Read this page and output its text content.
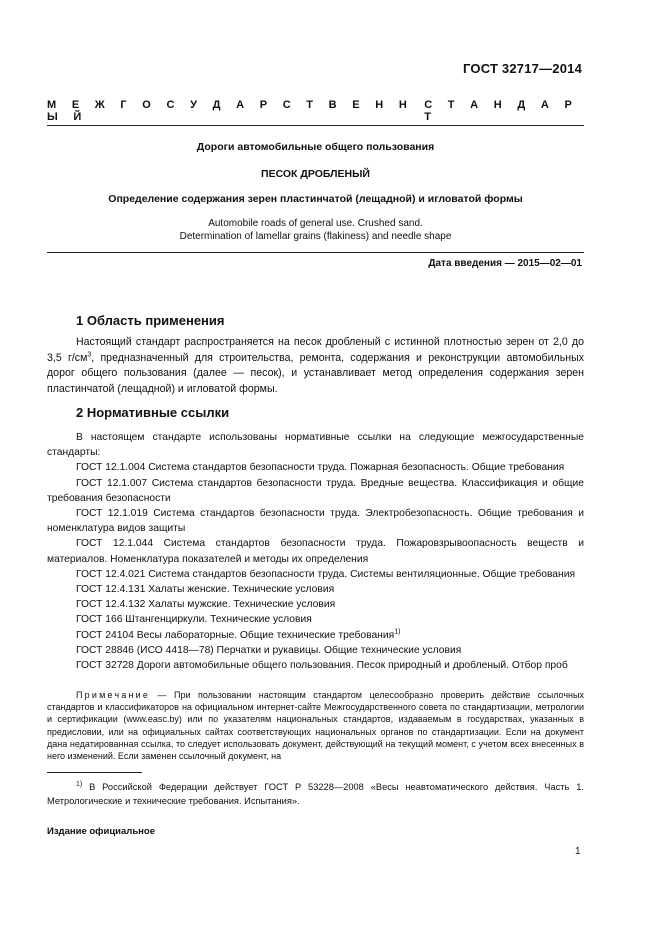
ГОСТ 32717—2014
М Е Ж Г О С У Д А Р С Т В Е Н Н Ы Й
С Т А Н Д А Р Т
Дороги автомобильные общего пользования
ПЕСОК ДРОБЛЕНЫЙ
Определение содержания зерен пластинчатой (лещадной) и игловатой формы
Automobile roads of general use. Crushed sand.
Determination of lamellar grains (flakiness) and needle shape
Дата введения — 2015—02—01
1 Область применения
Настоящий стандарт распространяется на песок дробленый с истинной плотностью зерен от 2,0 до 3,5 $г/см^3$, предназначенный для строительства, ремонта, содержания и реконструкции автомобильных дорог общего пользования (далее — песок), и устанавливает метод определения содержания зерен пластинчатой (лещадной) и игловатой формы.
2 Нормативные ссылки
В настоящем стандарте использованы нормативные ссылки на следующие межгосударственные стандарты:
ГОСТ 12.1.004 Система стандартов безопасности труда. Пожарная безопасность. Общие требования
ГОСТ 12.1.007 Система стандартов безопасности труда. Вредные вещества. Классификация и общие требования безопасности
ГОСТ 12.1.019 Система стандартов безопасности труда. Электробезопасность. Общие требования и номенклатура видов защиты
ГОСТ 12.1.044 Система стандартов безопасности труда. Пожаровзрывоопасность веществ и материалов. Номенклатура показателей и методы их определения
ГОСТ 12.4.021 Система стандартов безопасности труда. Системы вентиляционные. Общие требования
ГОСТ 12.4.131 Халаты женские. Технические условия
ГОСТ 12.4.132 Халаты мужские. Технические условия
ГОСТ 166 Штангенциркули. Технические условия
ГОСТ 24104 Весы лабораторные. Общие технические требования$^{1)}$
ГОСТ 28846 (ИСО 4418—78) Перчатки и рукавицы. Общие технические условия
ГОСТ 32728 Дороги автомобильные общего пользования. Песок природный и дробленый. Отбор проб
Примечание — При пользовании настоящим стандартом целесообразно проверить действие ссылочных стандартов и классификаторов на официальном интернет-сайте Межгосударственного совета по стандартизации, метрологии и сертификации (www.easc.by) или по указателям национальных стандартов, издаваемым в государствах, указанных в предисловии, или на официальных сайтах соответствующих национальных органов по стандартизации. Если на документ дана недатированная ссылка, то следует использовать документ, действующий на текущий момент, с учетом всех внесенных в него изменений. Если заменен ссылочный документ, на
$^{1)}$ В Российской Федерации действует ГОСТ Р 53228—2008 «Весы неавтоматического действия. Часть 1. Метрологические и технические требования. Испытания».
Издание официальное
1
